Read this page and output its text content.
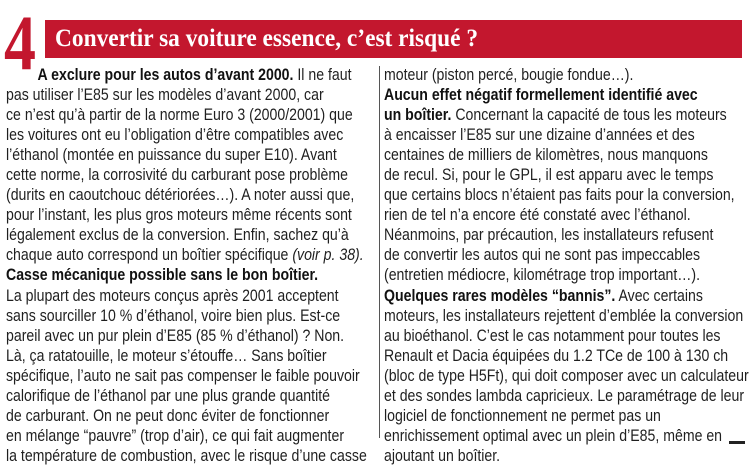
4 Convertir sa voiture essence, c’est risqué ?
A exclure pour les autos d’avant 2000. Il ne faut
pas utiliser l’E85 sur les modèles d’avant 2000, car
ce n’est qu’à partir de la norme Euro 3 (2000/2001) que
les voitures ont eu l’obligation d’être compatibles avec
l’éthanol (montée en puissance du super E10). Avant
cette norme, la corrosivité du carburant pose problème
(durits en caoutchouc détériorées…). A noter aussi que,
pour l’instant, les plus gros moteurs même récents sont
légalement exclus de la conversion. Enfin, sachez qu’à
chaque auto correspond un boîtier spécifique (voir p. 38).
Casse mécanique possible sans le bon boîtier.
La plupart des moteurs conçus après 2001 acceptent
sans sourciller 10 % d’éthanol, voire bien plus. Est-ce
pareil avec un pur plein d’E85 (85 % d’éthanol) ? Non.
Là, ça ratatouille, le moteur s’étouffe… Sans boîtier
spécifique, l’auto ne sait pas compenser le faible pouvoir
calorifique de l’éthanol par une plus grande quantité
de carburant. On ne peut donc éviter de fonctionner
en mélange “pauvre” (trop d’air), ce qui fait augmenter
la température de combustion, avec le risque d’une casse
moteur (piston percé, bougie fondue…).
Aucun effet négatif formellement identifié avec
un boîtier. Concernant la capacité de tous les moteurs
à encaisser l’E85 sur une dizaine d’années et des
centaines de milliers de kilomètres, nous manquons
de recul. Si, pour le GPL, il est apparu avec le temps
que certains blocs n’étaient pas faits pour la conversion,
rien de tel n’a encore été constaté avec l’éthanol.
Néanmoins, par précaution, les installateurs refusent
de convertir les autos qui ne sont pas impeccables
(entretien médiocre, kilométrage trop important…).
Quelques rares modèles “bannis”. Avec certains
moteurs, les installateurs rejettent d’emblée la conversion
au bioéthanol. C’est le cas notamment pour toutes les
Renault et Dacia équipées du 1.2 TCe de 100 à 130 ch
(bloc de type H5Ft), qui doit composer avec un calculateur
et des sondes lambda capricieux. Le paramétrage de leur
logiciel de fonctionnement ne permet pas un
enrichissement optimal avec un plein d’E85, même en
ajoutant un boîtier.
